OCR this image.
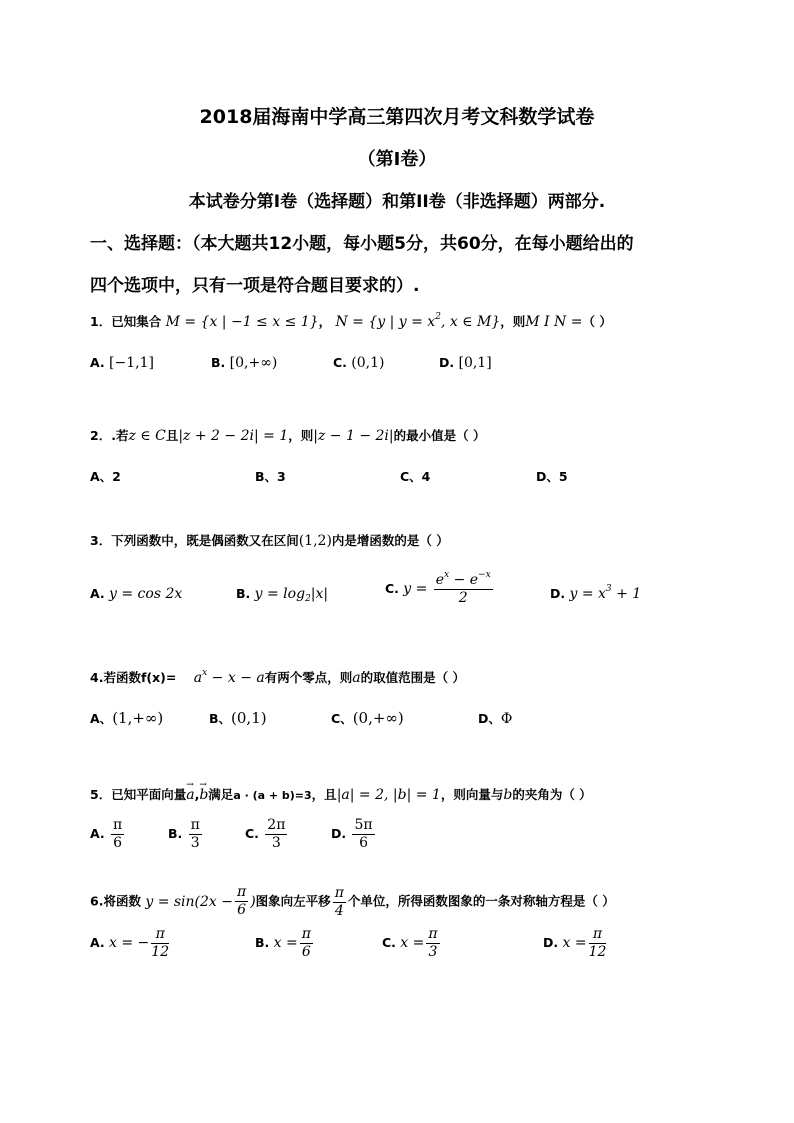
2018届海南中学高三第四次月考文科数学试卷
（第I卷）
本试卷分第I卷（选择题）和第II卷（非选择题）两部分.
一、选择题：（本大题共12小题，每小题5分，共60分，在每小题给出的
四个选项中，只有一项是符合题目要求的）.
1．已知集合 M = {x | −1 ≤ x ≤ 1}， N = {y | $y = x^2$, x ∈ M}，则M I N =（ ）
A. [−1,1]	B. [0,+∞)	C. (0,1)	D. [0,1]
2．.若z ∈ C且|z + 2 − 2i| = 1，则|z − 1 − 2i|的最小值是（ ）
A、2	B、3	C、4	D、5
3．下列函数中，既是偶函数又在区间(1,2)内是增函数的是（ ）
A. y = cos 2x	B. $y = \log_2|x|$	C. $y = \frac{e^x - e^{-x}}{2}$	D. $y = x^3 + 1$
4.若函数$f(x)= a^x - x - a$有两个零点，则a的取值范围是（ ）
A、(1,+∞)	B、(0,1)	C、(0,+∞)	D、Φ
5．已知平面向量→ a,→ b满足a · (a + b)=3，且|a| = 2, |b| = 1，则向量与b的夹角为（ ）
A. $\frac{\pi}{6}$	B. $\frac{\pi}{3}$	C. $\frac{2\pi}{3}$	D. $\frac{5\pi}{6}$
6.将函数 $y = \sin(2x - \frac{\pi}{6}$ )图象向左平移 $\frac{\pi}{4}$ 个单位，所得函数图象的一条对称轴方程是（ ）
A. x = − $\frac{\pi}{12}$	B. $x = \frac{\pi}{6}$	C. $x = \frac{\pi}{3}$	D. $x = \frac{\pi}{12}$
